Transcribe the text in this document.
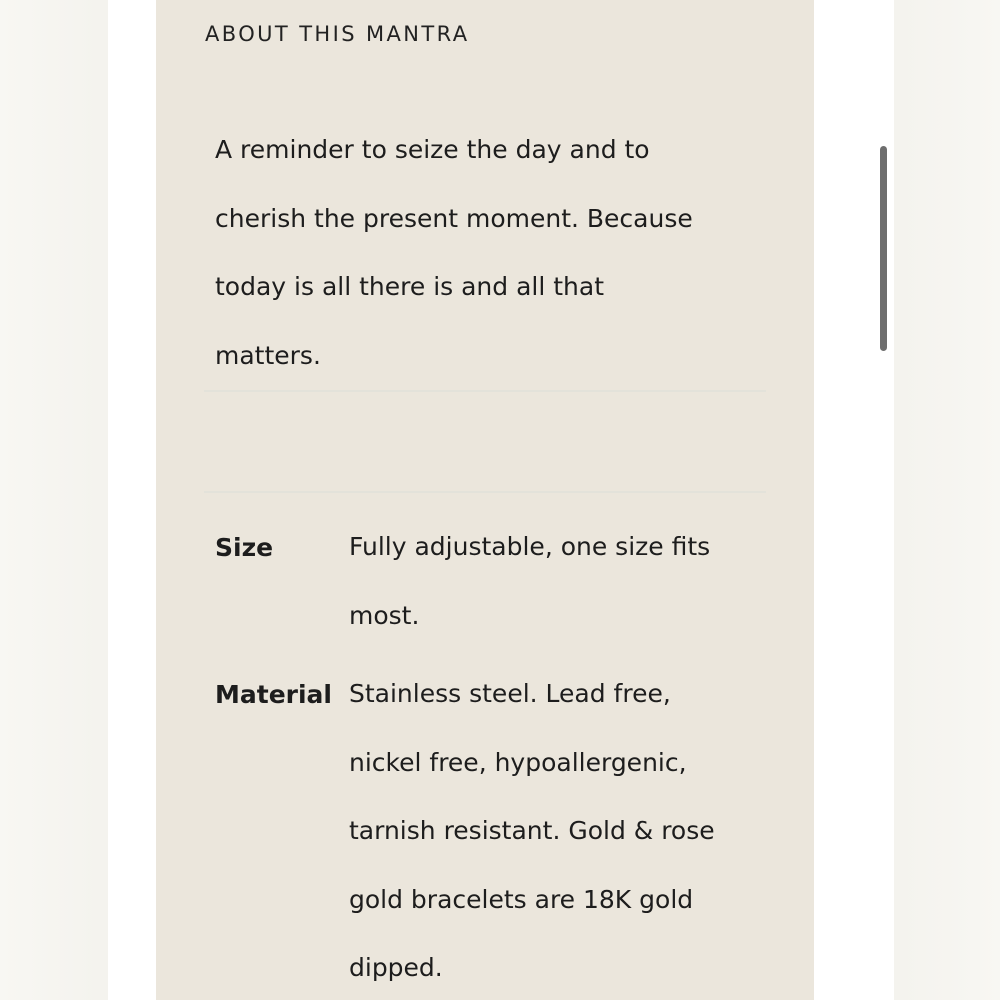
ABOUT THIS MANTRA
A reminder to seize the day and to
cherish the present moment. Because
today is all there is and all that
matters.
Size	Fully adjustable, one size fits
most.
Material Stainless steel. Lead free,
nickel free, hypoallergenic,
tarnish resistant. Gold & rose
gold bracelets are 18K gold
dipped.
